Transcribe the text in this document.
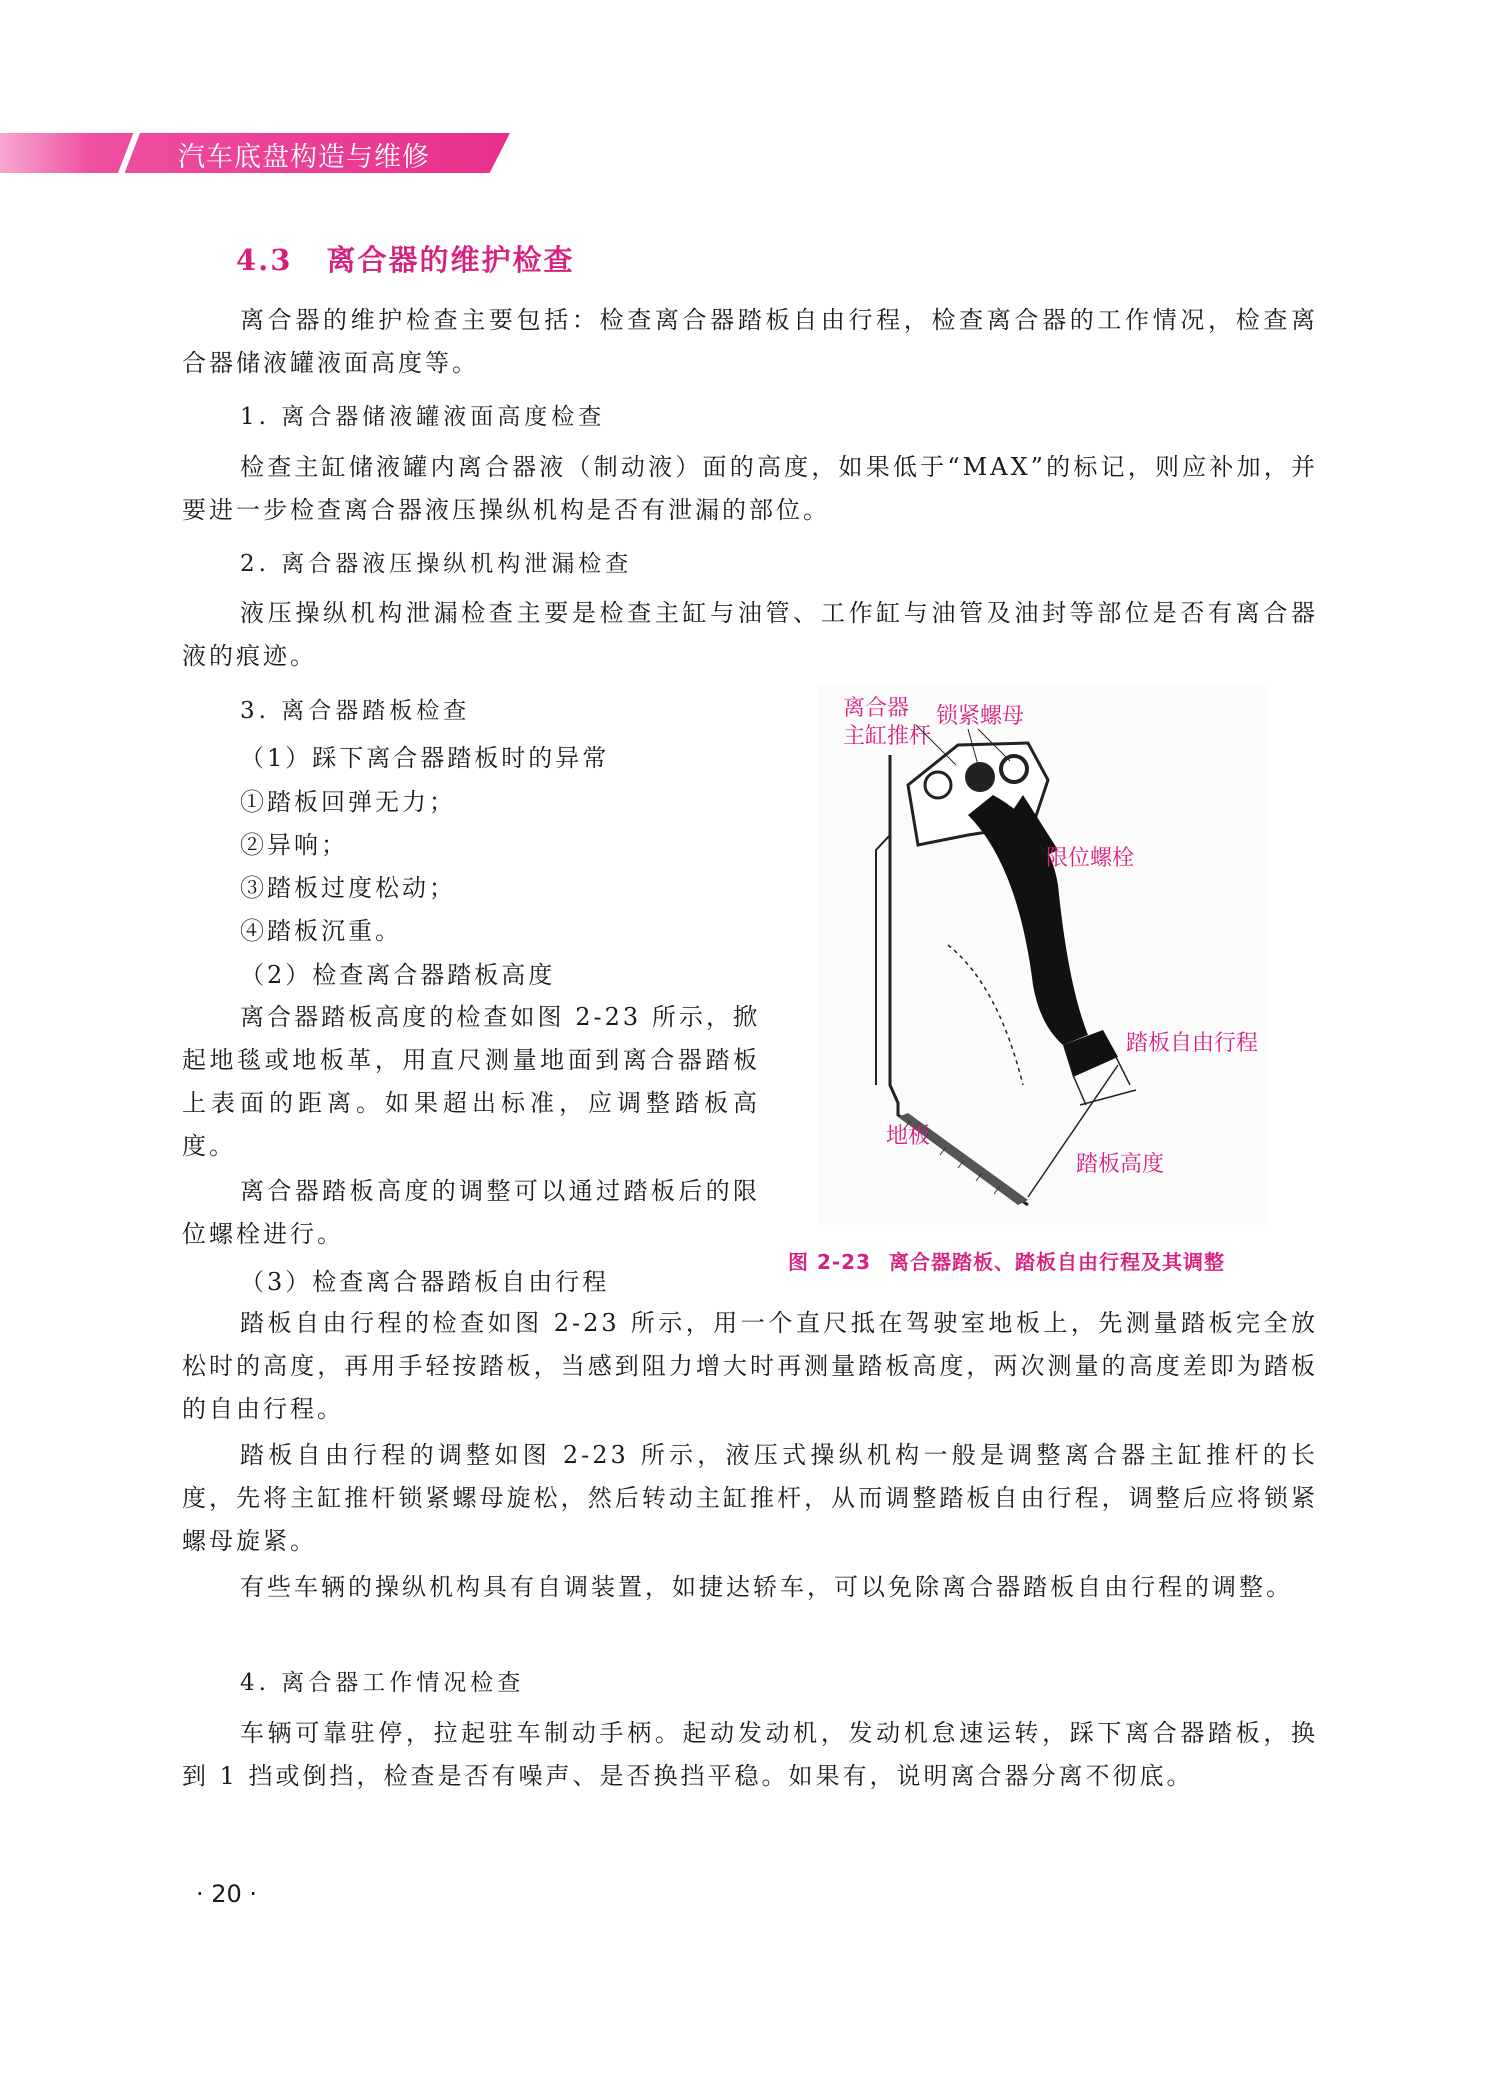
汽车底盘构造与维修
4.3 离合器的维护检查

离合器的维护检查主要包括：检查离合器踏板自由行程，检查离合器的工作情况，检查离合器储液罐液面高度等。

1. 离合器储液罐液面高度检查

检查主缸储液罐内离合器液（制动液）面的高度，如果低于“MAX”的标记，则应补加，并要进一步检查离合器液压操纵机构是否有泄漏的部位。

2. 离合器液压操纵机构泄漏检查

液压操纵机构泄漏检查主要是检查主缸与油管、工作缸与油管及油封等部位是否有离合器液的痕迹。

3. 离合器踏板检查
（1）踩下离合器踏板时的异常
①踏板回弹无力；
②异响；
③踏板过度松动；
④踏板沉重。
（2）检查离合器踏板高度

离合器踏板高度的检查如图 2-23 所示，掀起地毯或地板革，用直尺测量地面到离合器踏板上表面的距离。如果超出标准，应调整踏板高度。

离合器踏板高度的调整可以通过踏板后的限位螺栓进行。

（3）检查离合器踏板自由行程
离合器
主缸推杆
锁紧螺母
限位螺栓
踏板自由行程
地板
踏板高度
图 2-23 离合器踏板、踏板自由行程及其调整

踏板自由行程的检查如图 2-23 所示，用一个直尺抵在驾驶室地板上，先测量踏板完全放松时的高度，再用手轻按踏板，当感到阻力增大时再测量踏板高度，两次测量的高度差即为踏板的自由行程。

踏板自由行程的调整如图 2-23 所示，液压式操纵机构一般是调整离合器主缸推杆的长度，先将主缸推杆锁紧螺母旋松，然后转动主缸推杆，从而调整踏板自由行程，调整后应将锁紧螺母旋紧。

有些车辆的操纵机构具有自调装置，如捷达轿车，可以免除离合器踏板自由行程的调整。

4. 离合器工作情况检查

车辆可靠驻停，拉起驻车制动手柄。起动发动机，发动机怠速运转，踩下离合器踏板，换到 1 挡或倒挡，检查是否有噪声、是否换挡平稳。如果有，说明离合器分离不彻底。

· 20 ·
